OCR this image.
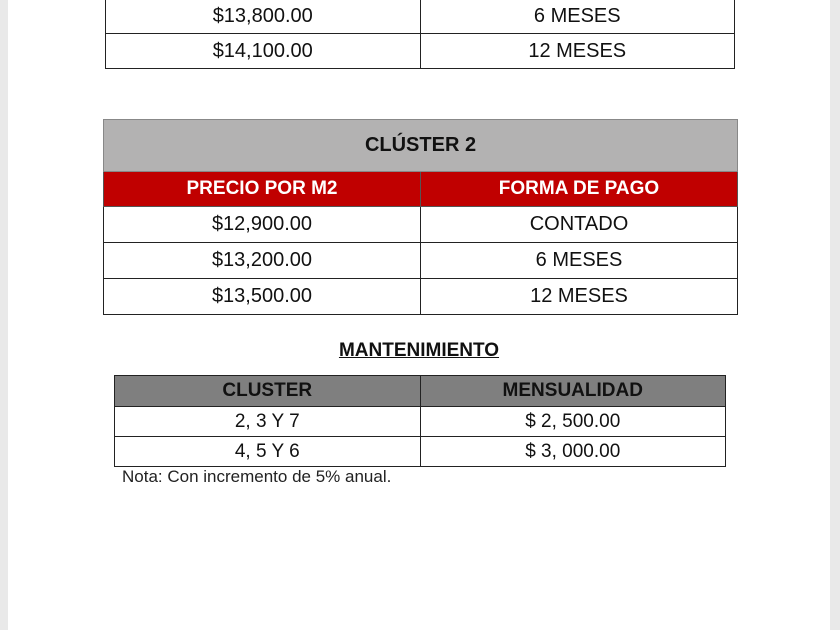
$13,800.00	6 MESES
$14,100.00	12 MESES
CLÚSTER 2	
PRECIO POR M2	FORMA DE PAGO
$12,900.00	CONTADO
$13,200.00	6 MESES
$13,500.00	12 MESES
MANTENIMIENTO
CLUSTER	MENSUALIDAD
2, 3 Y 7	$ 2, 500.00
4, 5 Y 6	$ 3, 000.00
Nota: Con incremento de 5% anual.
